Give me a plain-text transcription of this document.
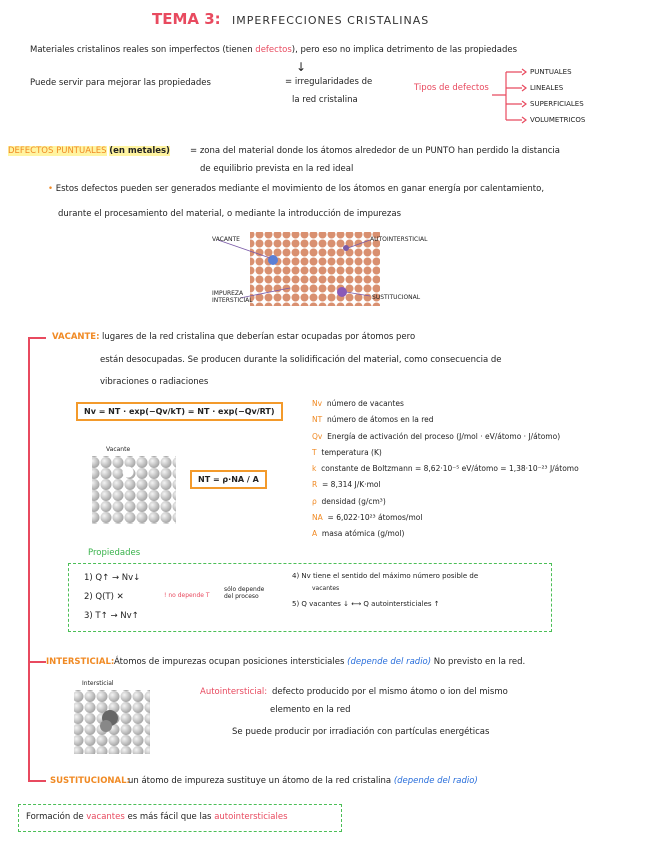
TEMA 3: IMPERFECCIONES CRISTALINAS
Materiales cristalinos reales son imperfectos (tienen defectos), pero eso no implica detrimento de las propiedades
Puede servir para mejorar las propiedades
↓
= irregularidades de
la red cristalina
Tipos de defectos
PUNTUALES
LINEALES
SUPERFICIALES
VOLUMETRICOS
DEFECTOS PUNTUALES (en metales) = zona del material donde los átomos alrededor de un PUNTO han perdido la distancia
de equilibrio prevista en la red ideal
• Estos defectos pueden ser generados mediante el movimiento de los átomos en ganar energía por calentamiento,
durante el procesamiento del material, o mediante la introducción de impurezas
VACANTE	AUTOINTERSTICIAL
IMPUREZA
INTERSTICIAL	SUSTITUCIONAL
VACANTE: lugares de la red cristalina que deberían estar ocupadas por átomos pero
están desocupadas. Se producen durante la solidificación del material, como consecuencia de
vibraciones o radiaciones
Nv = NT · exp(−Qv/kT) = NT · exp(−Qv/RT)
Vacante
NT = ρ·NA / A
Nv número de vacantes
NT número de átomos en la red
Qv Energía de activación del proceso (J/mol · eV/átomo · J/átomo)
T temperatura (K)
k constante de Boltzmann = 8,62·10⁻⁵ eV/átomo = 1,38·10⁻²³ J/átomo
R = 8,314 J/K·mol
ρ densidad (g/cm³)
NA = 6,022·10²³ átomos/mol
A masa atómica (g/mol)
Propiedades
1) Q↑ → Nv↓
2) Q(T) ✕	! no depende T
sólo depende del proceso
3) T↑ → Nv↑
4) Nv tiene el sentido del máximo número posible de
vacantes
5) Q vacantes ↓ ⟷ Q autointersticiales ↑
INTERSTICIAL: Átomos de impurezas ocupan posiciones intersticiales (depende del radio) No previsto en la red.
Intersticial
Autointersticial: defecto producido por el mismo átomo o ion del mismo
elemento en la red
Se puede producir por irradiación con partículas energéticas
SUSTITUCIONAL:
un átomo de impureza sustituye un átomo de la red cristalina (depende del radio)
Formación de vacantes es más fácil que las autointersticiales
